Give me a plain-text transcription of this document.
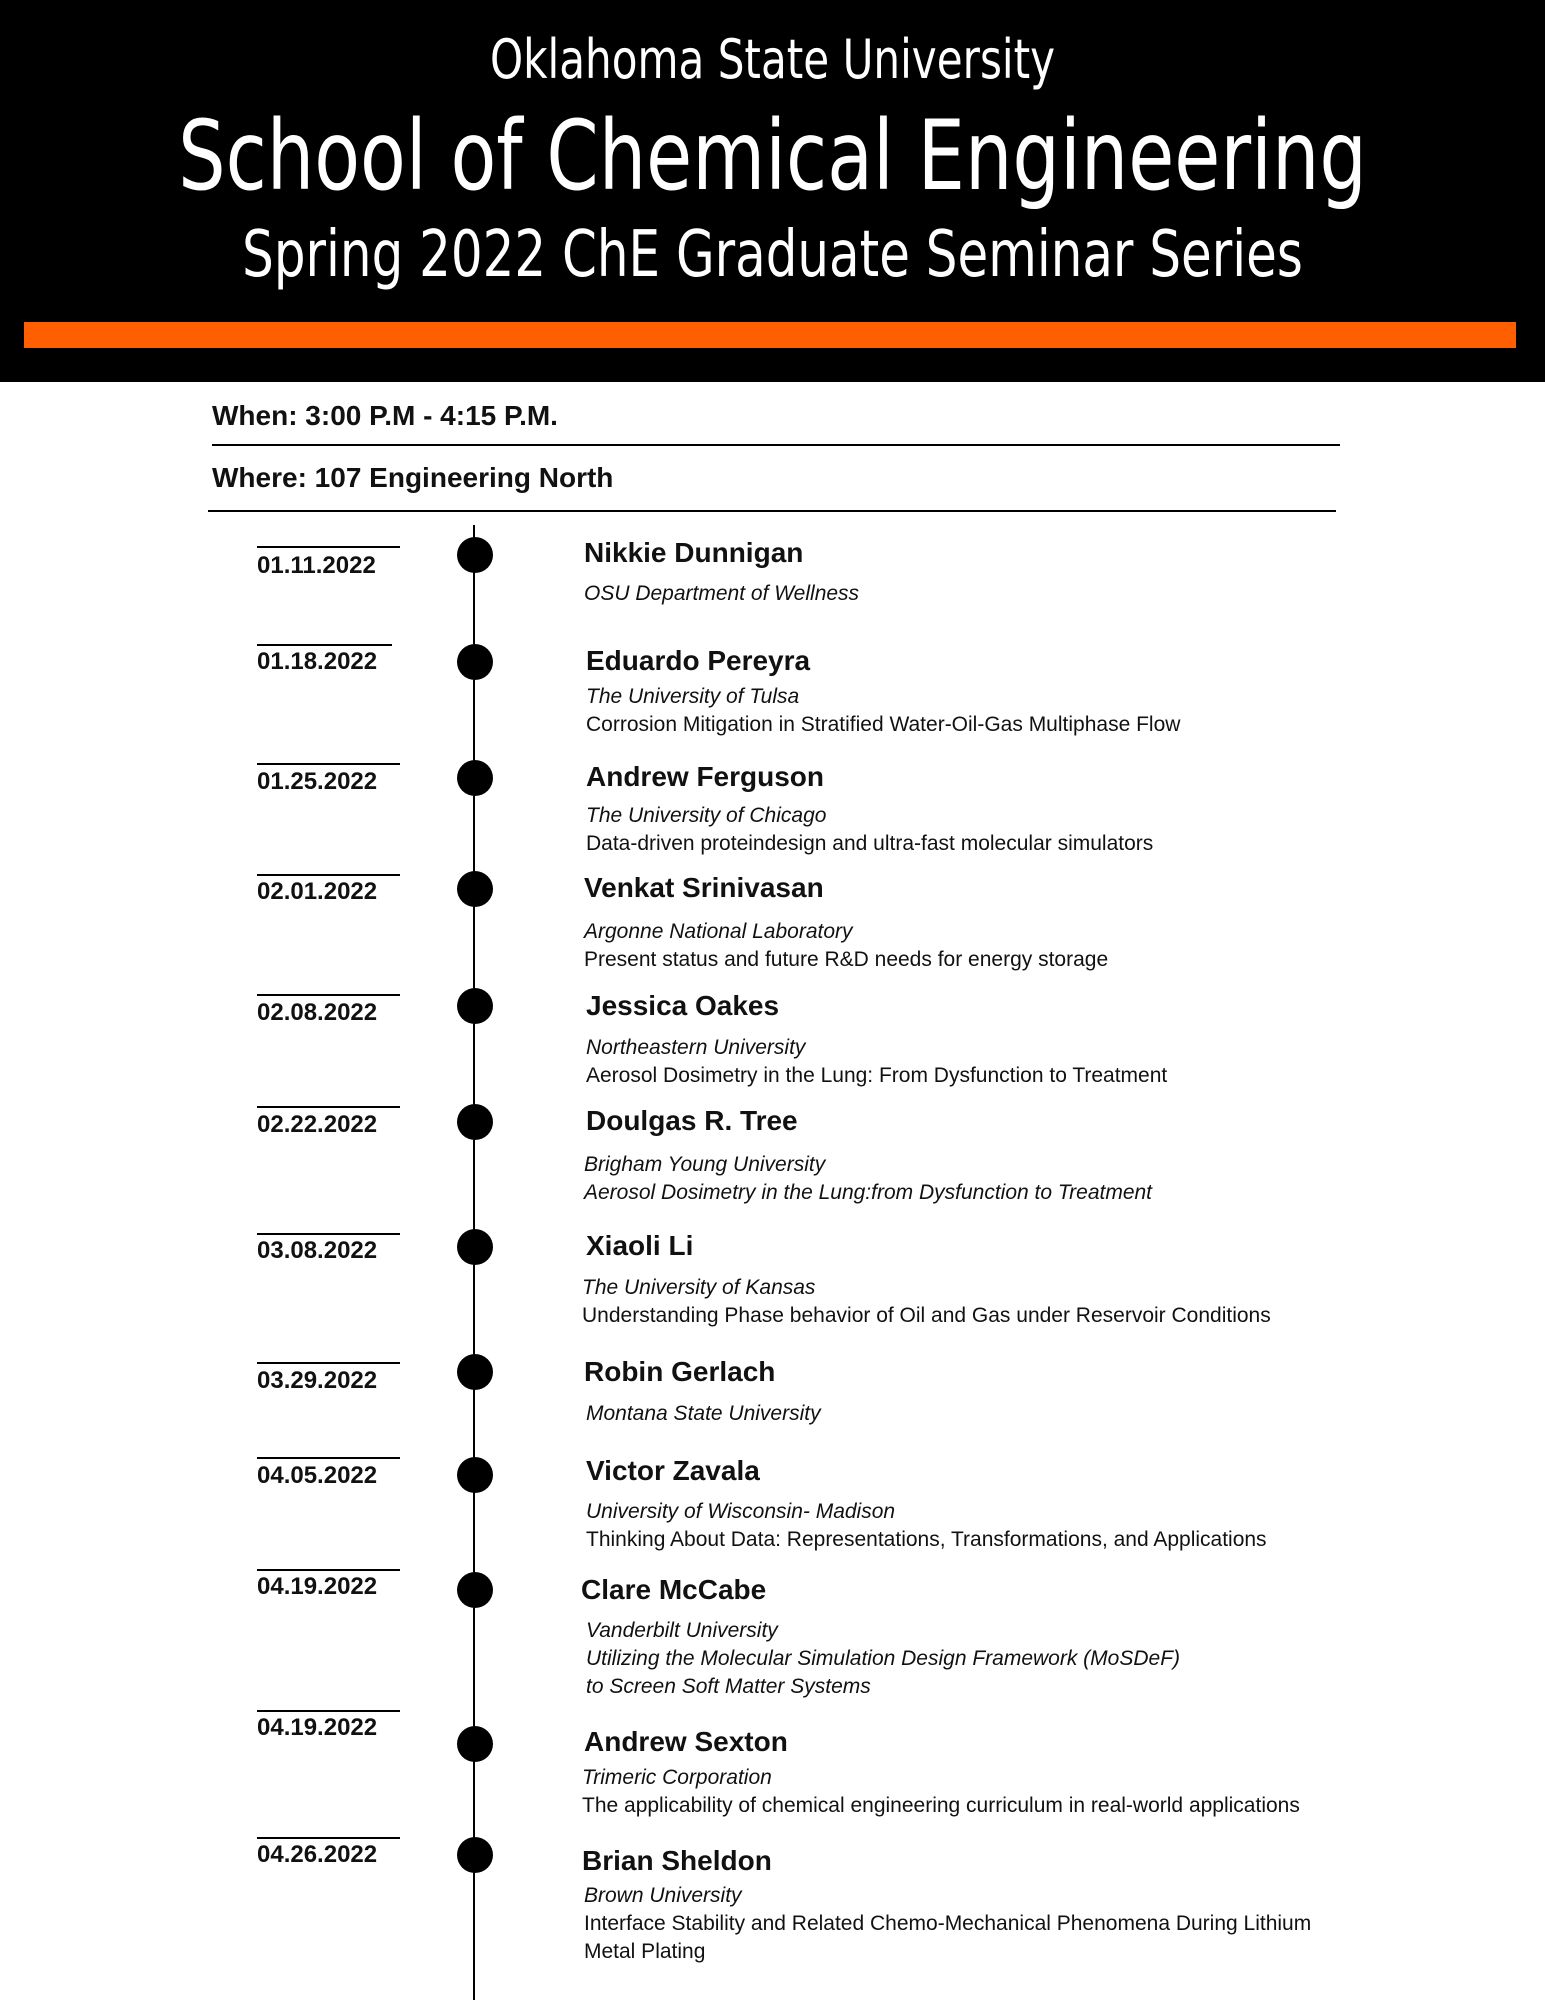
Oklahoma State University
School of Chemical Engineering
Spring 2022 ChE Graduate Seminar Series
When: 3:00 P.M - 4:15 P.M.
Where: 107 Engineering North
01.11.2022	Nikkie Dunnigan
OSU Department of Wellness
01.18.2022	Eduardo Pereyra
The University of Tulsa
Corrosion Mitigation in Stratified Water-Oil-Gas Multiphase Flow
01.25.2022	Andrew Ferguson
The University of Chicago
Data-driven proteindesign and ultra-fast molecular simulators
02.01.2022	Venkat Srinivasan
Argonne National Laboratory
Present status and future R&D needs for energy storage
02.08.2022	Jessica Oakes
Northeastern University
Aerosol Dosimetry in the Lung: From Dysfunction to Treatment
02.22.2022	Doulgas R. Tree
Brigham Young University
Aerosol Dosimetry in the Lung:from Dysfunction to Treatment
03.08.2022	Xiaoli Li
The University of Kansas
Understanding Phase behavior of Oil and Gas under Reservoir Conditions
03.29.2022	Robin Gerlach
Montana State University
04.05.2022	Victor Zavala
University of Wisconsin- Madison
Thinking About Data: Representations, Transformations, and Applications
04.19.2022	Clare McCabe
Vanderbilt University
Utilizing the Molecular Simulation Design Framework (MoSDeF)
to Screen Soft Matter Systems
04.19.2022	Andrew Sexton
Trimeric Corporation
The applicability of chemical engineering curriculum in real-world applications
04.26.2022	Brian Sheldon
Brown University
Interface Stability and Related Chemo-Mechanical Phenomena During Lithium
Metal Plating
